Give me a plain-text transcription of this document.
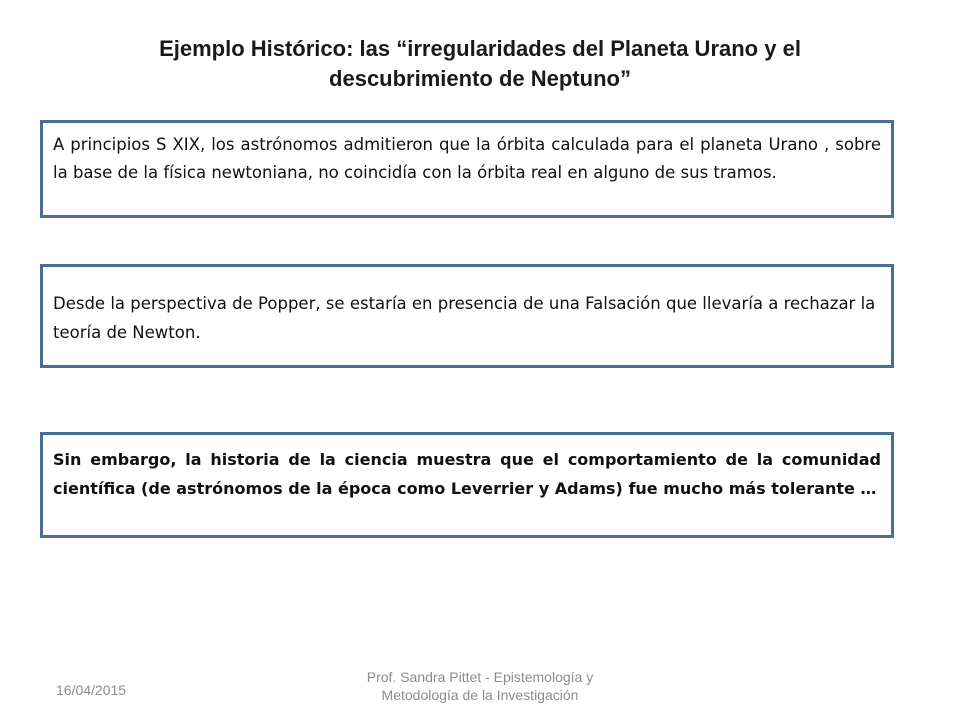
Ejemplo Histórico: las “irregularidades del Planeta Urano y el
descubrimiento de Neptuno”
A principios S XIX, los astrónomos admitieron que la órbita calculada para el planeta Urano , sobre la base de la física newtoniana, no coincidía con la órbita real en alguno de sus tramos.
Desde la perspectiva de Popper, se estaría en presencia de una Falsación que llevaría a rechazar la teoría de Newton.
Sin embargo, la historia de la ciencia muestra que el comportamiento de la comunidad científica (de astrónomos de la época como Leverrier y Adams) fue mucho más tolerante …
16/04/2015
Prof. Sandra Pittet - Epistemología y
Metodología de la Investigación
